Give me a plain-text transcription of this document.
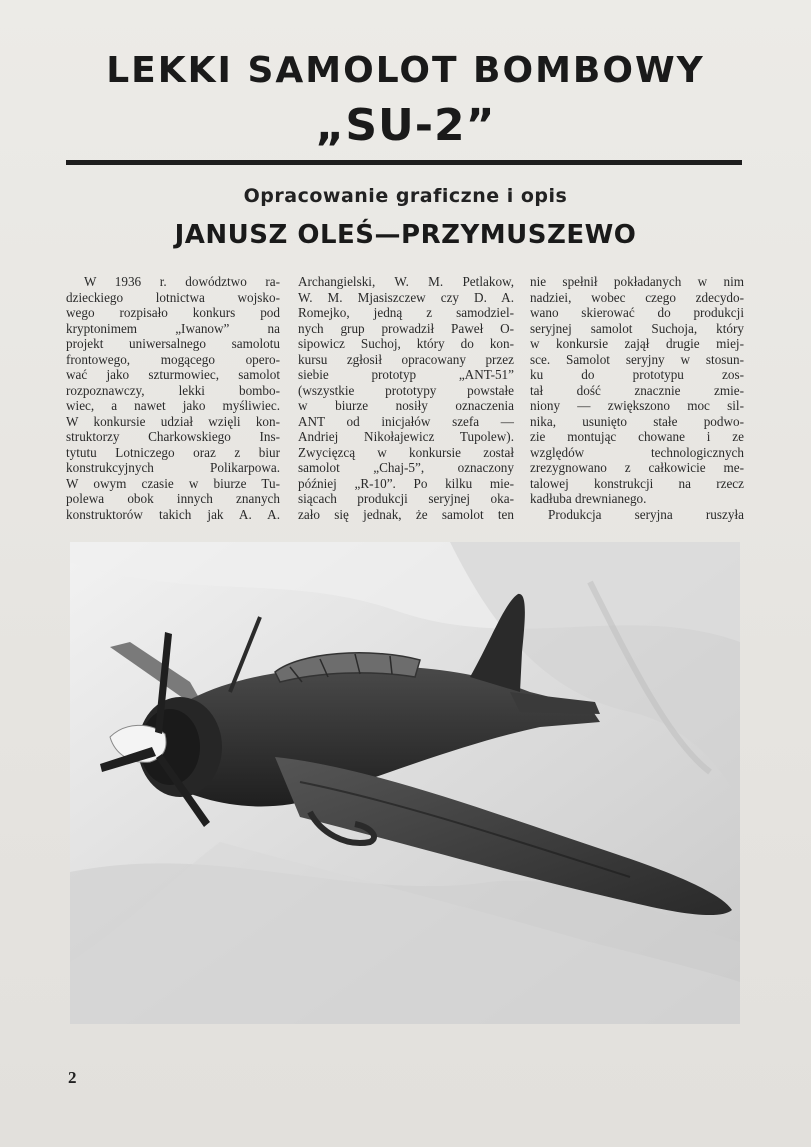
LEKKI SAMOLOT BOMBOWY
„SU-2”
Opracowanie graficzne i opis
JANUSZ OLEŚ—PRZYMUSZEWO
W 1936 r. dowództwo ra-
dzieckiego lotnictwa wojsko-
wego rozpisało konkurs pod
kryptonimem „Iwanow” na
projekt uniwersalnego samolotu
frontowego, mogącego opero-
wać jako szturmowiec, samolot
rozpoznawczy, lekki bombo-
wiec, a nawet jako myśliwiec.
W konkursie udział wzięli kon-
struktorzy Charkowskiego Ins-
tytutu Lotniczego oraz z biur
konstrukcyjnych Polikarpowa.
W owym czasie w biurze Tu-
polewa obok innych znanych
konstruktorów takich jak A. A.
Archangielski, W. M. Petlakow,
W. M. Mjasiszczew czy D. A.
Romejko, jedną z samodziel-
nych grup prowadził Paweł O-
sipowicz Suchoj, który do kon-
kursu zgłosił opracowany przez
siebie prototyp „ANT-51”
(wszystkie prototypy powstałe
w biurze nosiły oznaczenia
ANT od inicjałów szefa —
Andriej Nikołajewicz Tupolew).
Zwycięzcą w konkursie został
samolot „Chaj-5”, oznaczony
później „R-10”. Po kilku mie-
siącach produkcji seryjnej oka-
zało się jednak, że samolot ten
nie spełnił pokładanych w nim
nadziei, wobec czego zdecydo-
wano skierować do produkcji
seryjnej samolot Suchoja, który
w konkursie zajął drugie miej-
sce. Samolot seryjny w stosun-
ku do prototypu zos-
tał dość znacznie zmie-
niony — zwiększono moc sil-
nika, usunięto stałe podwo-
zie montując chowane i ze
względów technologicznych
zrezygnowano z całkowicie me-
talowej konstrukcji na rzecz
kadłuba drewnianego.
Produkcja seryjna ruszyła
2
